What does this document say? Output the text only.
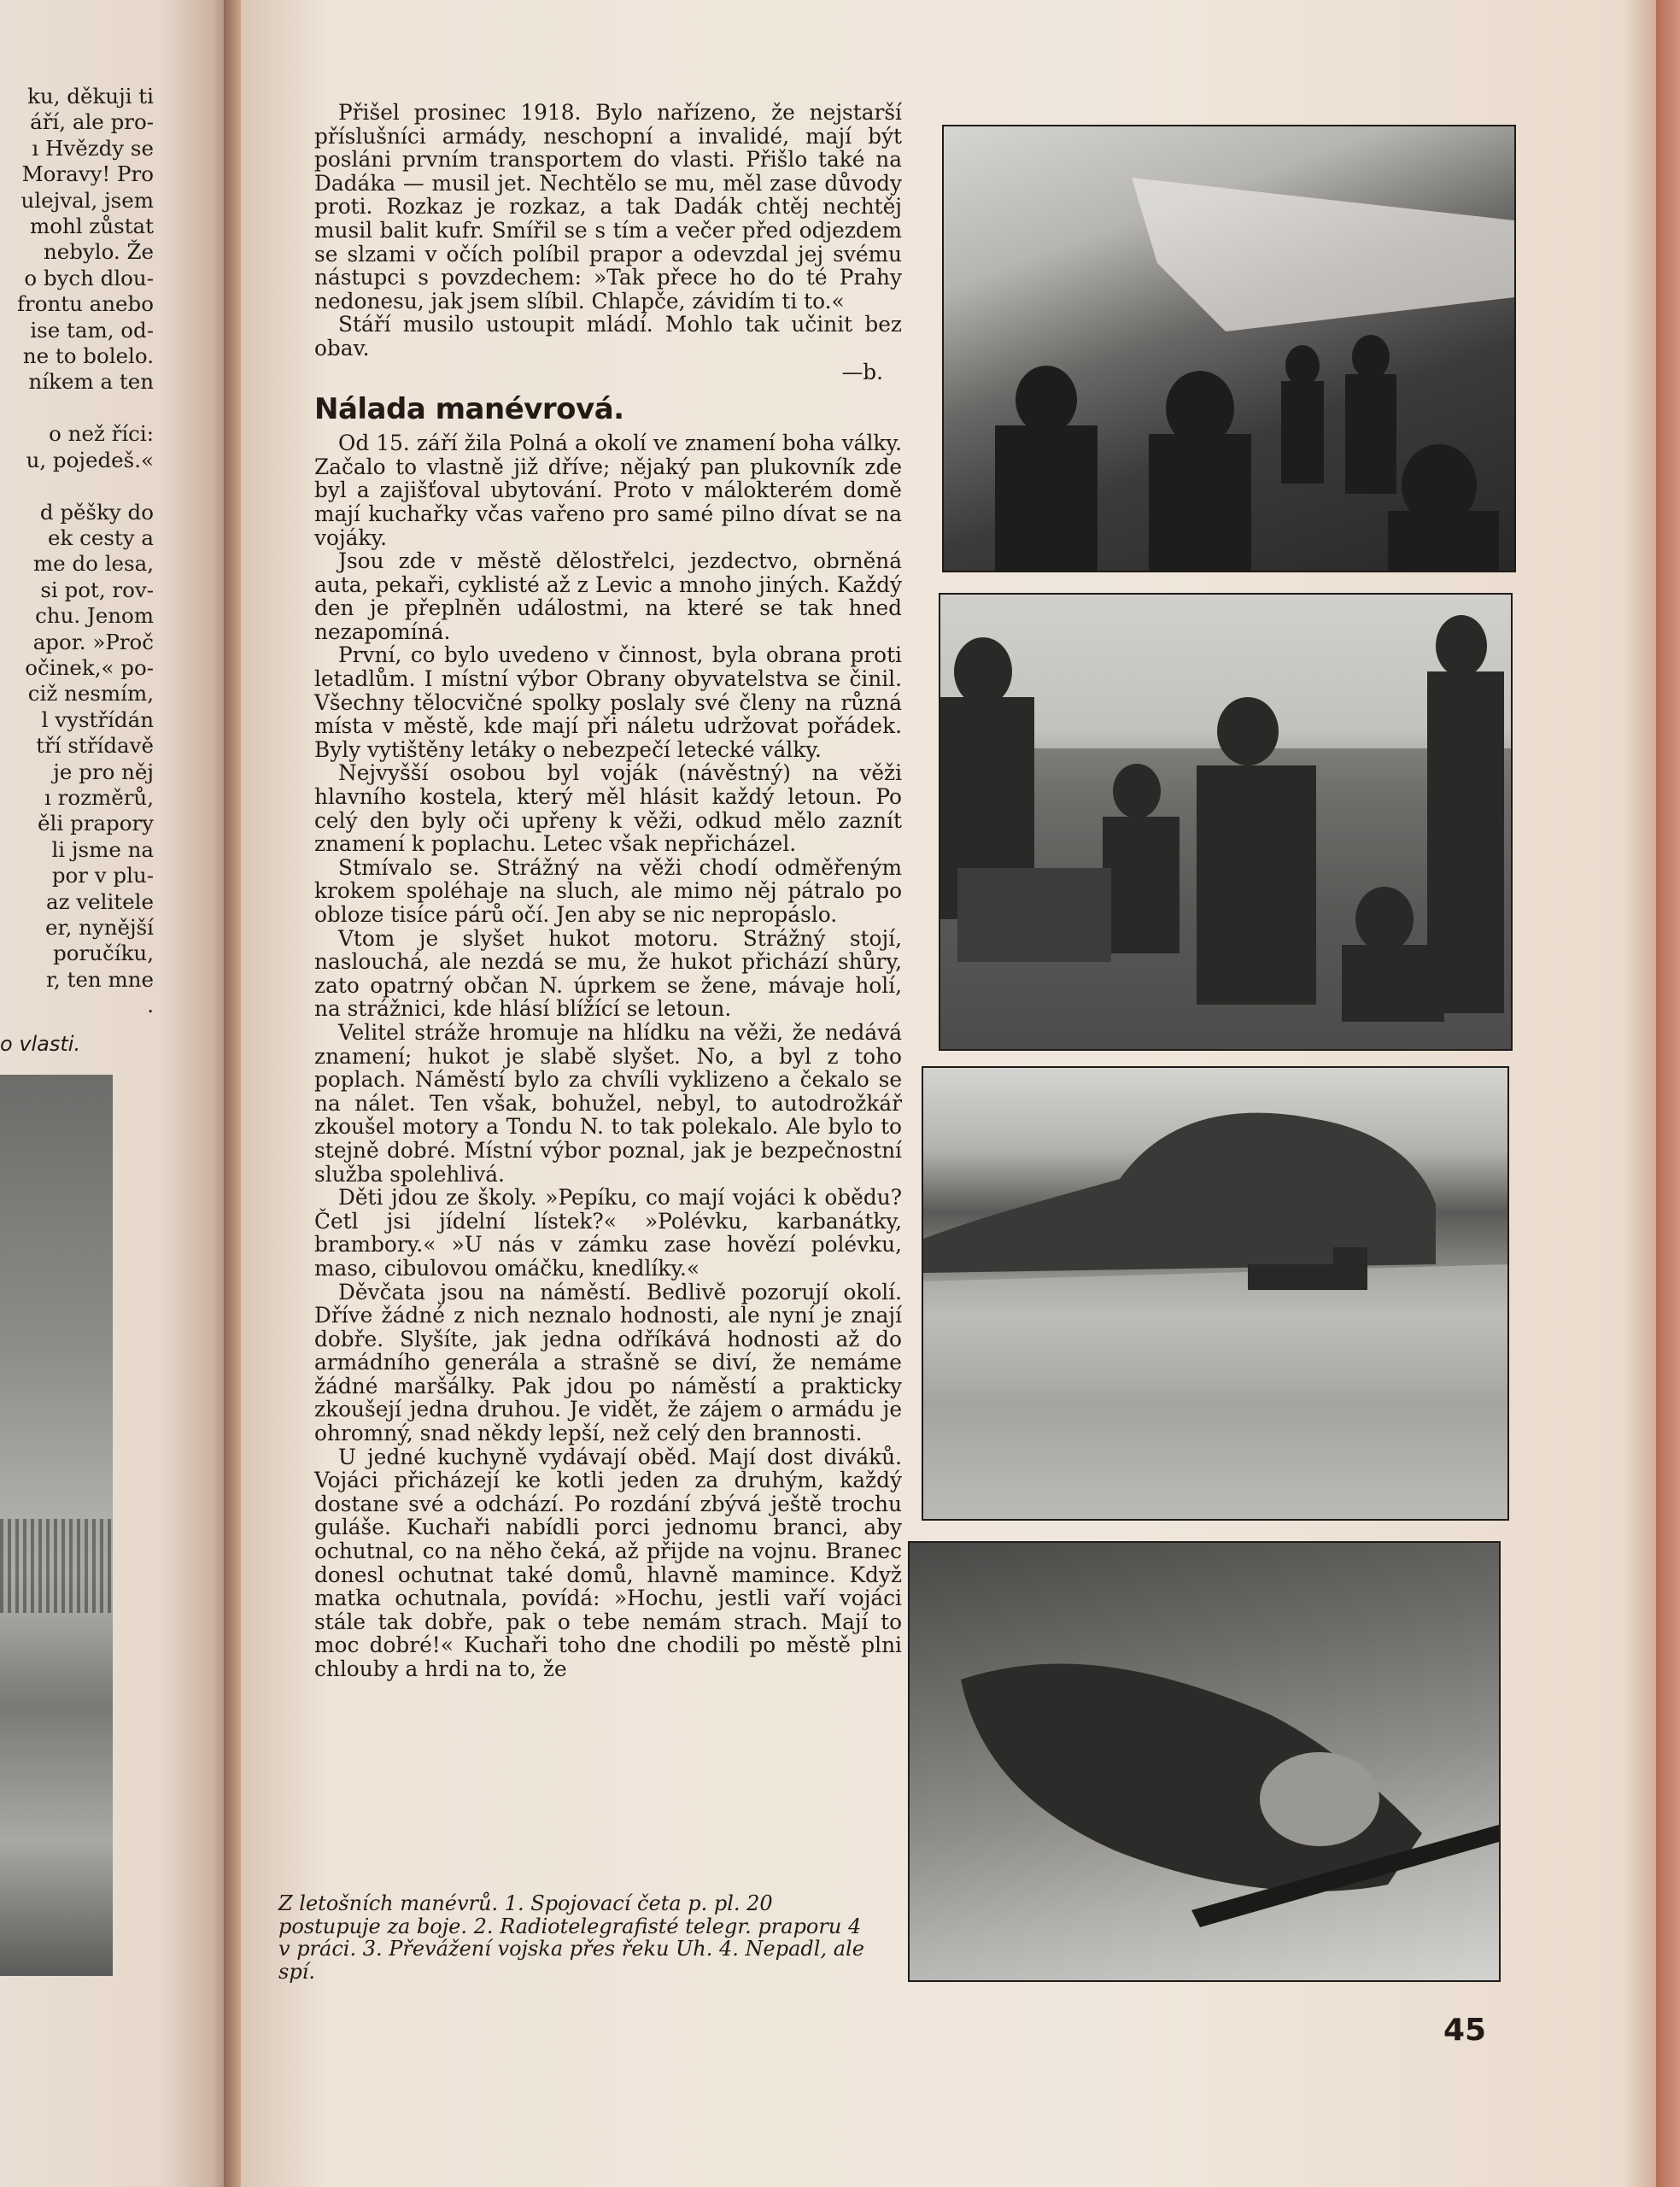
ku, děkuji ti
áří, ale pro-
ı Hvězdy se
Moravy! Pro
ulejval, jsem
mohl zůstat
nebylo. Že
o bych dlou-
frontu anebo
ise tam, od-
ne to bolelo.
níkem a ten

o než říci:
u, pojedeš.«

d pěšky do
ek cesty a
me do lesa,
si pot, rov-
chu. Jenom
apor. »Proč
očinek,« po-
ciž nesmím,
l vystřídán
tří střídavě
je pro něj
ı rozměrů,
ěli prapory
li jsme na
por v plu-
az velitele
er, nynější
poručíku,
r, ten mne
.
o vlasti.

Přišel prosinec 1918. Bylo nařízeno, že nejstarší příslušníci armády, neschopní a invalidé, mají být posláni prvním transportem do vlasti. Přišlo také na Dadáka — musil jet. Nechtělo se mu, měl zase důvody proti. Rozkaz je rozkaz, a tak Dadák chtěj nechtěj musil balit kufr. Smířil se s tím a večer před odjezdem se slzami v očích políbil prapor a odevzdal jej svému nástupci s povzdechem: »Tak přece ho do té Prahy nedonesu, jak jsem slíbil. Chlapče, závidím ti to.«

Stáří musilo ustoupit mládí. Mohlo tak učinit bez obav.

—b.

Nálada manévrová.

Od 15. září žila Polná a okolí ve znamení boha války. Začalo to vlastně již dříve; nějaký pan plukovník zde byl a zajišťoval ubytování. Proto v málokterém domě mají kuchařky včas vařeno pro samé pilno dívat se na vojáky.

Jsou zde v městě dělostřelci, jezdectvo, obrněná auta, pekaři, cyklisté až z Levic a mnoho jiných. Každý den je přeplněn událostmi, na které se tak hned nezapomíná.

První, co bylo uvedeno v činnost, byla obrana proti letadlům. I místní výbor Obrany obyvatelstva se činil. Všechny tělocvičné spolky poslaly své členy na různá místa v městě, kde mají při náletu udržovat pořádek. Byly vytištěny letáky o nebezpečí letecké války.

Nejvyšší osobou byl voják (návěstný) na věži hlavního kostela, který měl hlásit každý letoun. Po celý den byly oči upřeny k věži, odkud mělo zaznít znamení k poplachu. Letec však nepřicházel.

Stmívalo se. Strážný na věži chodí odměřeným krokem spoléhaje na sluch, ale mimo něj pátralo po obloze tisíce párů očí. Jen aby se nic nepropáslo.

Vtom je slyšet hukot motoru. Strážný stojí, naslouchá, ale nezdá se mu, že hukot přichází shůry, zato opatrný občan N. úprkem se žene, mávaje holí, na strážnici, kde hlásí blížící se letoun.

Velitel stráže hromuje na hlídku na věži, že nedává znamení; hukot je slabě slyšet. No, a byl z toho poplach. Náměstí bylo za chvíli vyklizeno a čekalo se na nálet. Ten však, bohužel, nebyl, to autodrožkář zkoušel motory a Tondu N. to tak polekalo. Ale bylo to stejně dobré. Místní výbor poznal, jak je bezpečnostní služba spolehlivá.

Děti jdou ze školy. »Pepíku, co mají vojáci k obědu? Četl jsi jídelní lístek?« »Polévku, karbanátky, brambory.« »U nás v zámku zase hovězí polévku, maso, cibulovou omáčku, knedlíky.«

Děvčata jsou na náměstí. Bedlivě pozorují okolí. Dříve žádné z nich neznalo hodnosti, ale nyní je znají dobře. Slyšíte, jak jedna odříkává hodnosti až do armádního generála a strašně se diví, že nemáme žádné maršálky. Pak jdou po náměstí a prakticky zkoušejí jedna druhou. Je vidět, že zájem o armádu je ohromný, snad někdy lepší, než celý den brannosti.

U jedné kuchyně vydávají oběd. Mají dost diváků. Vojáci přicházejí ke kotli jeden za druhým, každý dostane své a odchází. Po rozdání zbývá ještě trochu guláše. Kuchaři nabídli porci jednomu branci, aby ochutnal, co na něho čeká, až přijde na vojnu. Branec donesl ochutnat také domů, hlavně mamince. Když matka ochutnala, povídá: »Hochu, jestli vaří vojáci stále tak dobře, pak o tebe nemám strach. Mají to moc dobré!« Kuchaři toho dne chodili po městě plni chlouby a hrdi na to, že

Z letošních manévrů. 1. Spojovací četa p. pl. 20 postupuje za boje. 2. Radiotelegrafisté telegr. praporu 4 v práci. 3. Převážení vojska přes řeku Uh. 4. Nepadl, ale spí.
45
